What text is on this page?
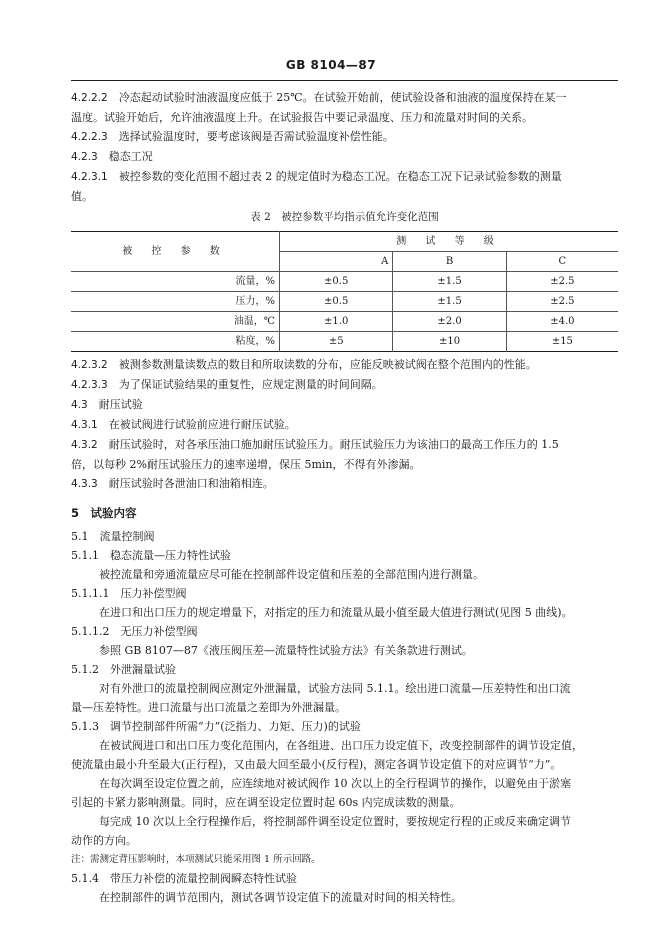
GB 8104—87

4.2.2.2　 冷态起动试验时油液温度应低于 25℃。在试验开始前，使试验设备和油液的温度保持在某一

温度。试验开始后，允许油液温度上升。在试验报告中要记录温度、压力和流量对时间的关系。

4.2.2.3　 选择试验温度时，要考虑该阀是否需试验温度补偿性能。

4.2.3　 稳态工况

4.2.3.1　 被控参数的变化范围不超过表 2 的规定值时为稳态工况。在稳态工况下记录试验参数的测量

值。

表 2　被控参数平均指示值允许变化范围
被 控 参 数	测 试 等 级		
	A	B	C
流量，%	±0.5	±1.5	±2.5
压力，%	±0.5	±1.5	±2.5
油温，℃	±1.0	±2.0	±4.0
粘度，%	±5	±10	±15

4.2.3.2　 被测参数测量读数点的数目和所取读数的分布，应能反映被试阀在整个范围内的性能。

4.2.3.3　 为了保证试验结果的重复性，应规定测量的时间间隔。

4.3　 耐压试验

4.3.1　 在被试阀进行试验前应进行耐压试验。

4.3.2　 耐压试验时，对各承压油口施加耐压试验压力。耐压试验压力为该油口的最高工作压力的 1.5

倍，以每秒 2%耐压试验压力的速率递增，保压 5min，不得有外渗漏。

4.3.3　 耐压试验时各泄油口和油箱相连。

5　试验内容

5.1　流量控制阀

5.1.1　稳态流量—压力特性试验

被控流量和旁通流量应尽可能在控制部件设定值和压差的全部范围内进行测量。

5.1.1.1　压力补偿型阀

在进口和出口压力的规定增量下，对指定的压力和流量从最小值至最大值进行测试(见图 5 曲线)。

5.1.1.2　无压力补偿型阀

参照 GB 8107—87《液压阀压差—流量特性试验方法》有关条款进行测试。

5.1.2　外泄漏量试验

对有外泄口的流量控制阀应测定外泄漏量，试验方法同 5.1.1。绘出进口流量—压差特性和出口流

量—压差特性。进口流量与出口流量之差即为外泄漏量。

5.1.3　调节控制部件所需“力”(泛指力、力矩、压力)的试验

在被试阀进口和出口压力变化范围内，在各组进、出口压力设定值下，改变控制部件的调节设定值，

使流量由最小升至最大(正行程)，又由最大回至最小(反行程)，测定各调节设定值下的对应调节“力”。

在每次调至设定位置之前，应连续地对被试阀作 10 次以上的全行程调节的操作，以避免由于淤塞

引起的卡紧力影响测量。同时，应在调至设定位置时起 60s 内完成读数的测量。

每完成 10 次以上全行程操作后，将控制部件调至设定位置时，要按规定行程的正或反来确定调节

动作的方向。

注：需测定背压影响时，本项测试只能采用图 1 所示回路。

5.1.4　带压力补偿的流量控制阀瞬态特性试验

在控制部件的调节范围内，测试各调节设定值下的流量对时间的相关特性。
